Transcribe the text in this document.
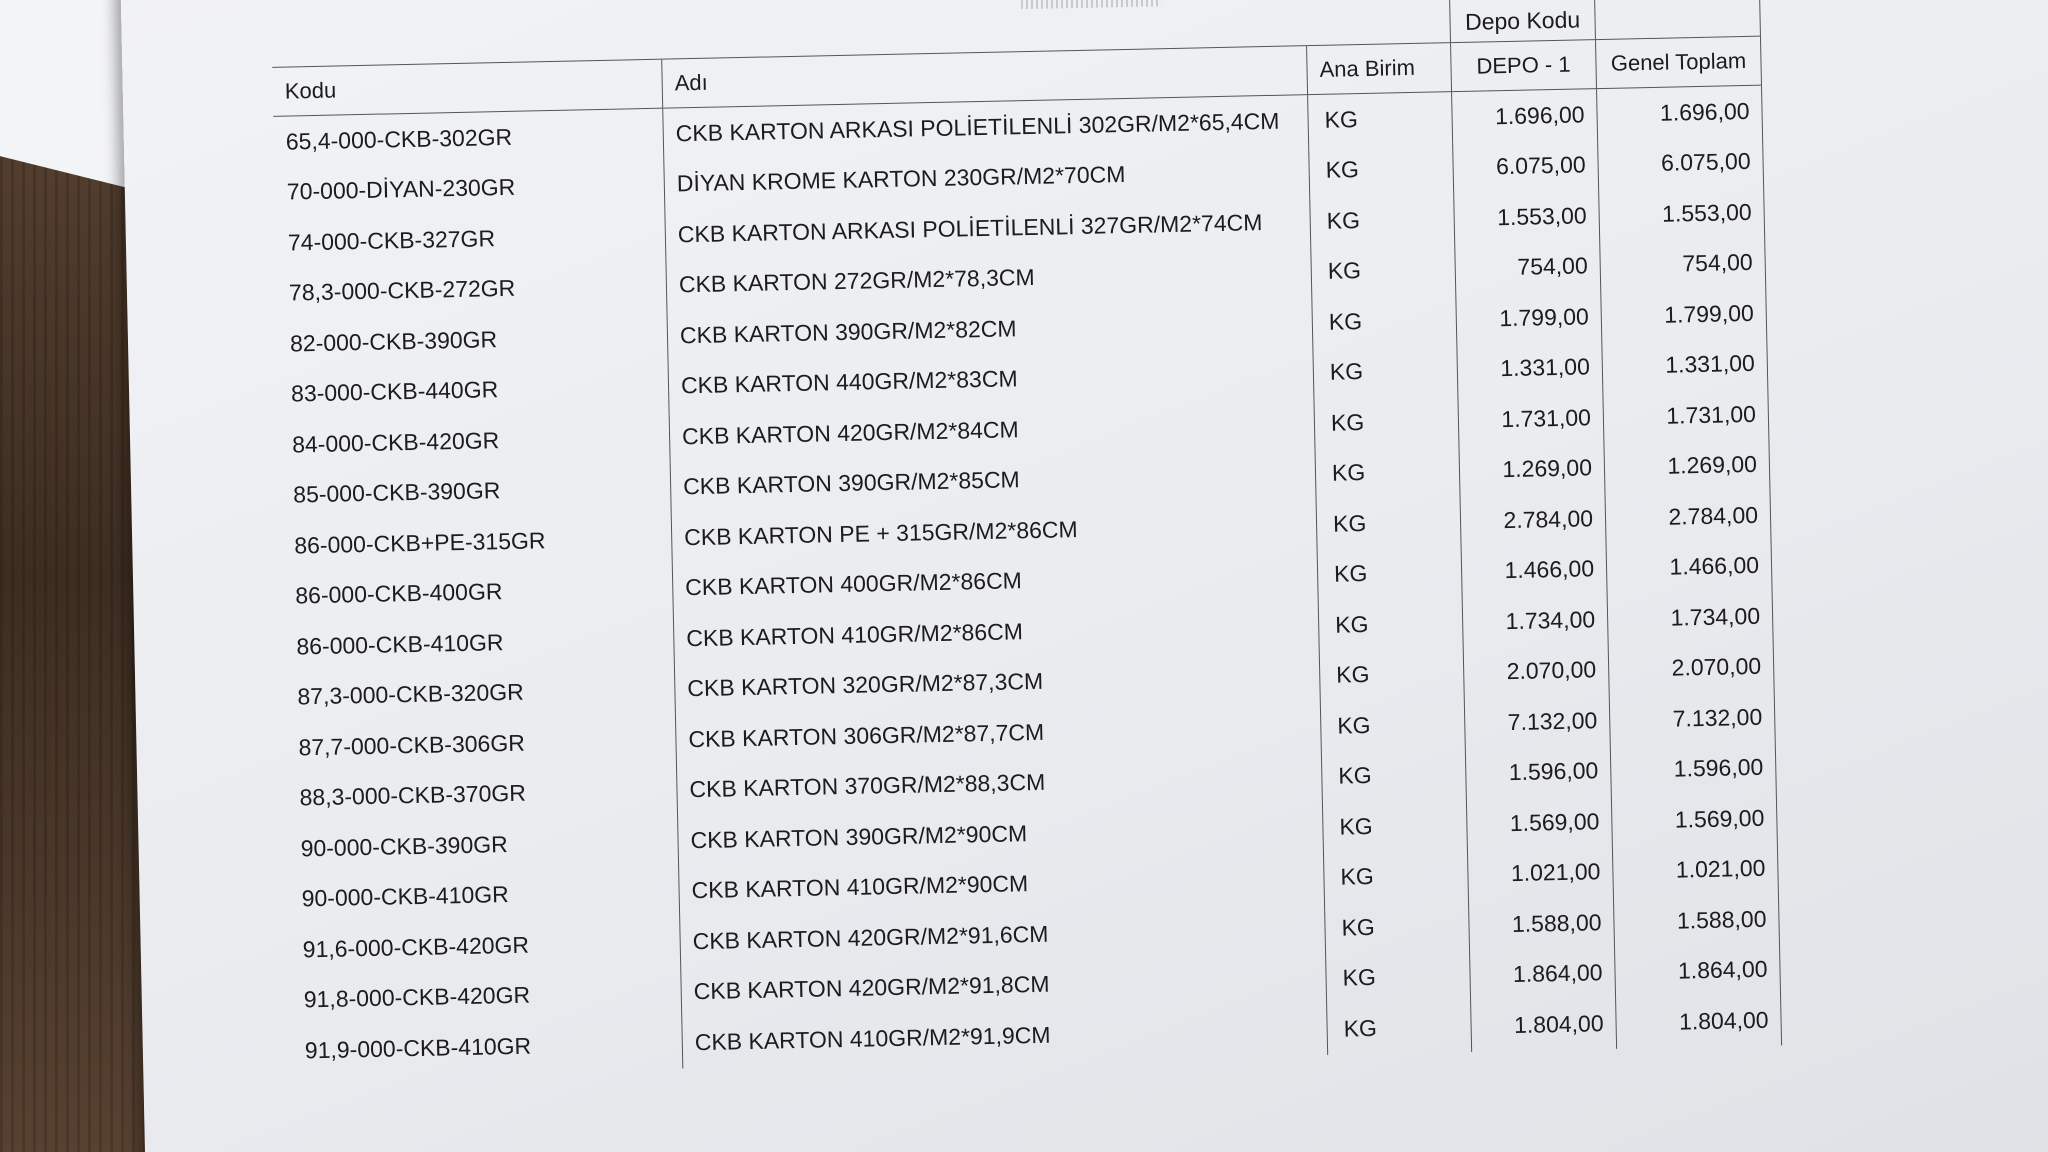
			Depo Kodu	
Kodu	Adı	Ana Birim	DEPO - 1	Genel Toplam
65,4-000-CKB-302GR	CKB KARTON ARKASI POLİETİLENLİ 302GR/M2*65,4CM	KG	1.696,00	1.696,00
70-000-DİYAN-230GR	DİYAN KROME KARTON 230GR/M2*70CM	KG	6.075,00	6.075,00
74-000-CKB-327GR	CKB KARTON ARKASI POLİETİLENLİ 327GR/M2*74CM	KG	1.553,00	1.553,00
78,3-000-CKB-272GR	CKB KARTON 272GR/M2*78,3CM	KG	754,00	754,00
82-000-CKB-390GR	CKB KARTON 390GR/M2*82CM	KG	1.799,00	1.799,00
83-000-CKB-440GR	CKB KARTON 440GR/M2*83CM	KG	1.331,00	1.331,00
84-000-CKB-420GR	CKB KARTON 420GR/M2*84CM	KG	1.731,00	1.731,00
85-000-CKB-390GR	CKB KARTON 390GR/M2*85CM	KG	1.269,00	1.269,00
86-000-CKB+PE-315GR	CKB KARTON PE + 315GR/M2*86CM	KG	2.784,00	2.784,00
86-000-CKB-400GR	CKB KARTON 400GR/M2*86CM	KG	1.466,00	1.466,00
86-000-CKB-410GR	CKB KARTON 410GR/M2*86CM	KG	1.734,00	1.734,00
87,3-000-CKB-320GR	CKB KARTON 320GR/M2*87,3CM	KG	2.070,00	2.070,00
87,7-000-CKB-306GR	CKB KARTON 306GR/M2*87,7CM	KG	7.132,00	7.132,00
88,3-000-CKB-370GR	CKB KARTON 370GR/M2*88,3CM	KG	1.596,00	1.596,00
90-000-CKB-390GR	CKB KARTON 390GR/M2*90CM	KG	1.569,00	1.569,00
90-000-CKB-410GR	CKB KARTON 410GR/M2*90CM	KG	1.021,00	1.021,00
91,6-000-CKB-420GR	CKB KARTON 420GR/M2*91,6CM	KG	1.588,00	1.588,00
91,8-000-CKB-420GR	CKB KARTON 420GR/M2*91,8CM	KG	1.864,00	1.864,00
91,9-000-CKB-410GR	CKB KARTON 410GR/M2*91,9CM	KG	1.804,00	1.804,00
